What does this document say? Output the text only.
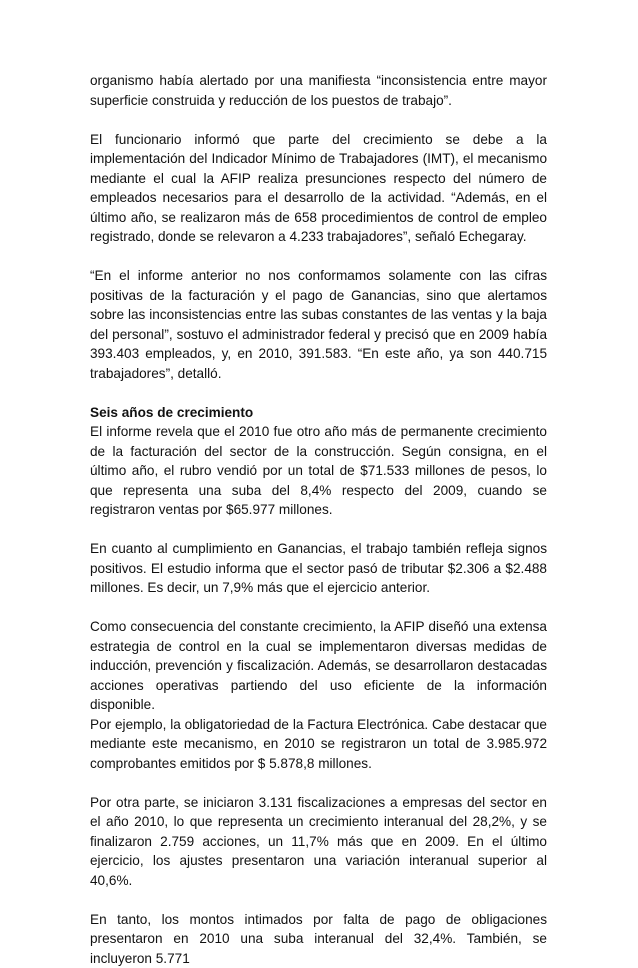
organismo había alertado por una manifiesta “inconsistencia entre mayor superficie construida y reducción de los puestos de trabajo”.

El funcionario informó que parte del crecimiento se debe a la implementación del Indicador Mínimo de Trabajadores (IMT), el mecanismo mediante el cual la AFIP realiza presunciones respecto del número de empleados necesarios para el desarrollo de la actividad. “Además, en el último año, se realizaron más de 658 procedimientos de control de empleo registrado, donde se relevaron a 4.233 trabajadores”, señaló Echegaray.

“En el informe anterior no nos conformamos solamente con las cifras positivas de la facturación y el pago de Ganancias, sino que alertamos sobre las inconsistencias entre las subas constantes de las ventas y la baja del personal”, sostuvo el administrador federal y precisó que en 2009 había 393.403 empleados, y, en 2010, 391.583. “En este año, ya son 440.715 trabajadores”, detalló.

Seis años de crecimiento

El informe revela que el 2010 fue otro año más de permanente crecimiento de la facturación del sector de la construcción. Según consigna, en el último año, el rubro vendió por un total de $71.533 millones de pesos, lo que representa una suba del 8,4% respecto del 2009, cuando se registraron ventas por $65.977 millones.

En cuanto al cumplimiento en Ganancias, el trabajo también refleja signos positivos. El estudio informa que el sector pasó de tributar $2.306 a $2.488 millones. Es decir, un 7,9% más que el ejercicio anterior.

Como consecuencia del constante crecimiento, la AFIP diseñó una extensa estrategia de control en la cual se implementaron diversas medidas de inducción, prevención y fiscalización. Además, se desarrollaron destacadas acciones operativas partiendo del uso eficiente de la información disponible.

Por ejemplo, la obligatoriedad de la Factura Electrónica. Cabe destacar que mediante este mecanismo, en 2010 se registraron un total de 3.985.972 comprobantes emitidos por $ 5.878,8 millones.

Por otra parte, se iniciaron 3.131 fiscalizaciones a empresas del sector en el año 2010, lo que representa un crecimiento interanual del 28,2%, y se finalizaron 2.759 acciones, un 11,7% más que en 2009. En el último ejercicio, los ajustes presentaron una variación interanual superior al 40,6%.

En tanto, los montos intimados por falta de pago de obligaciones presentaron en 2010 una suba interanual del 32,4%. También, se incluyeron 5.771
